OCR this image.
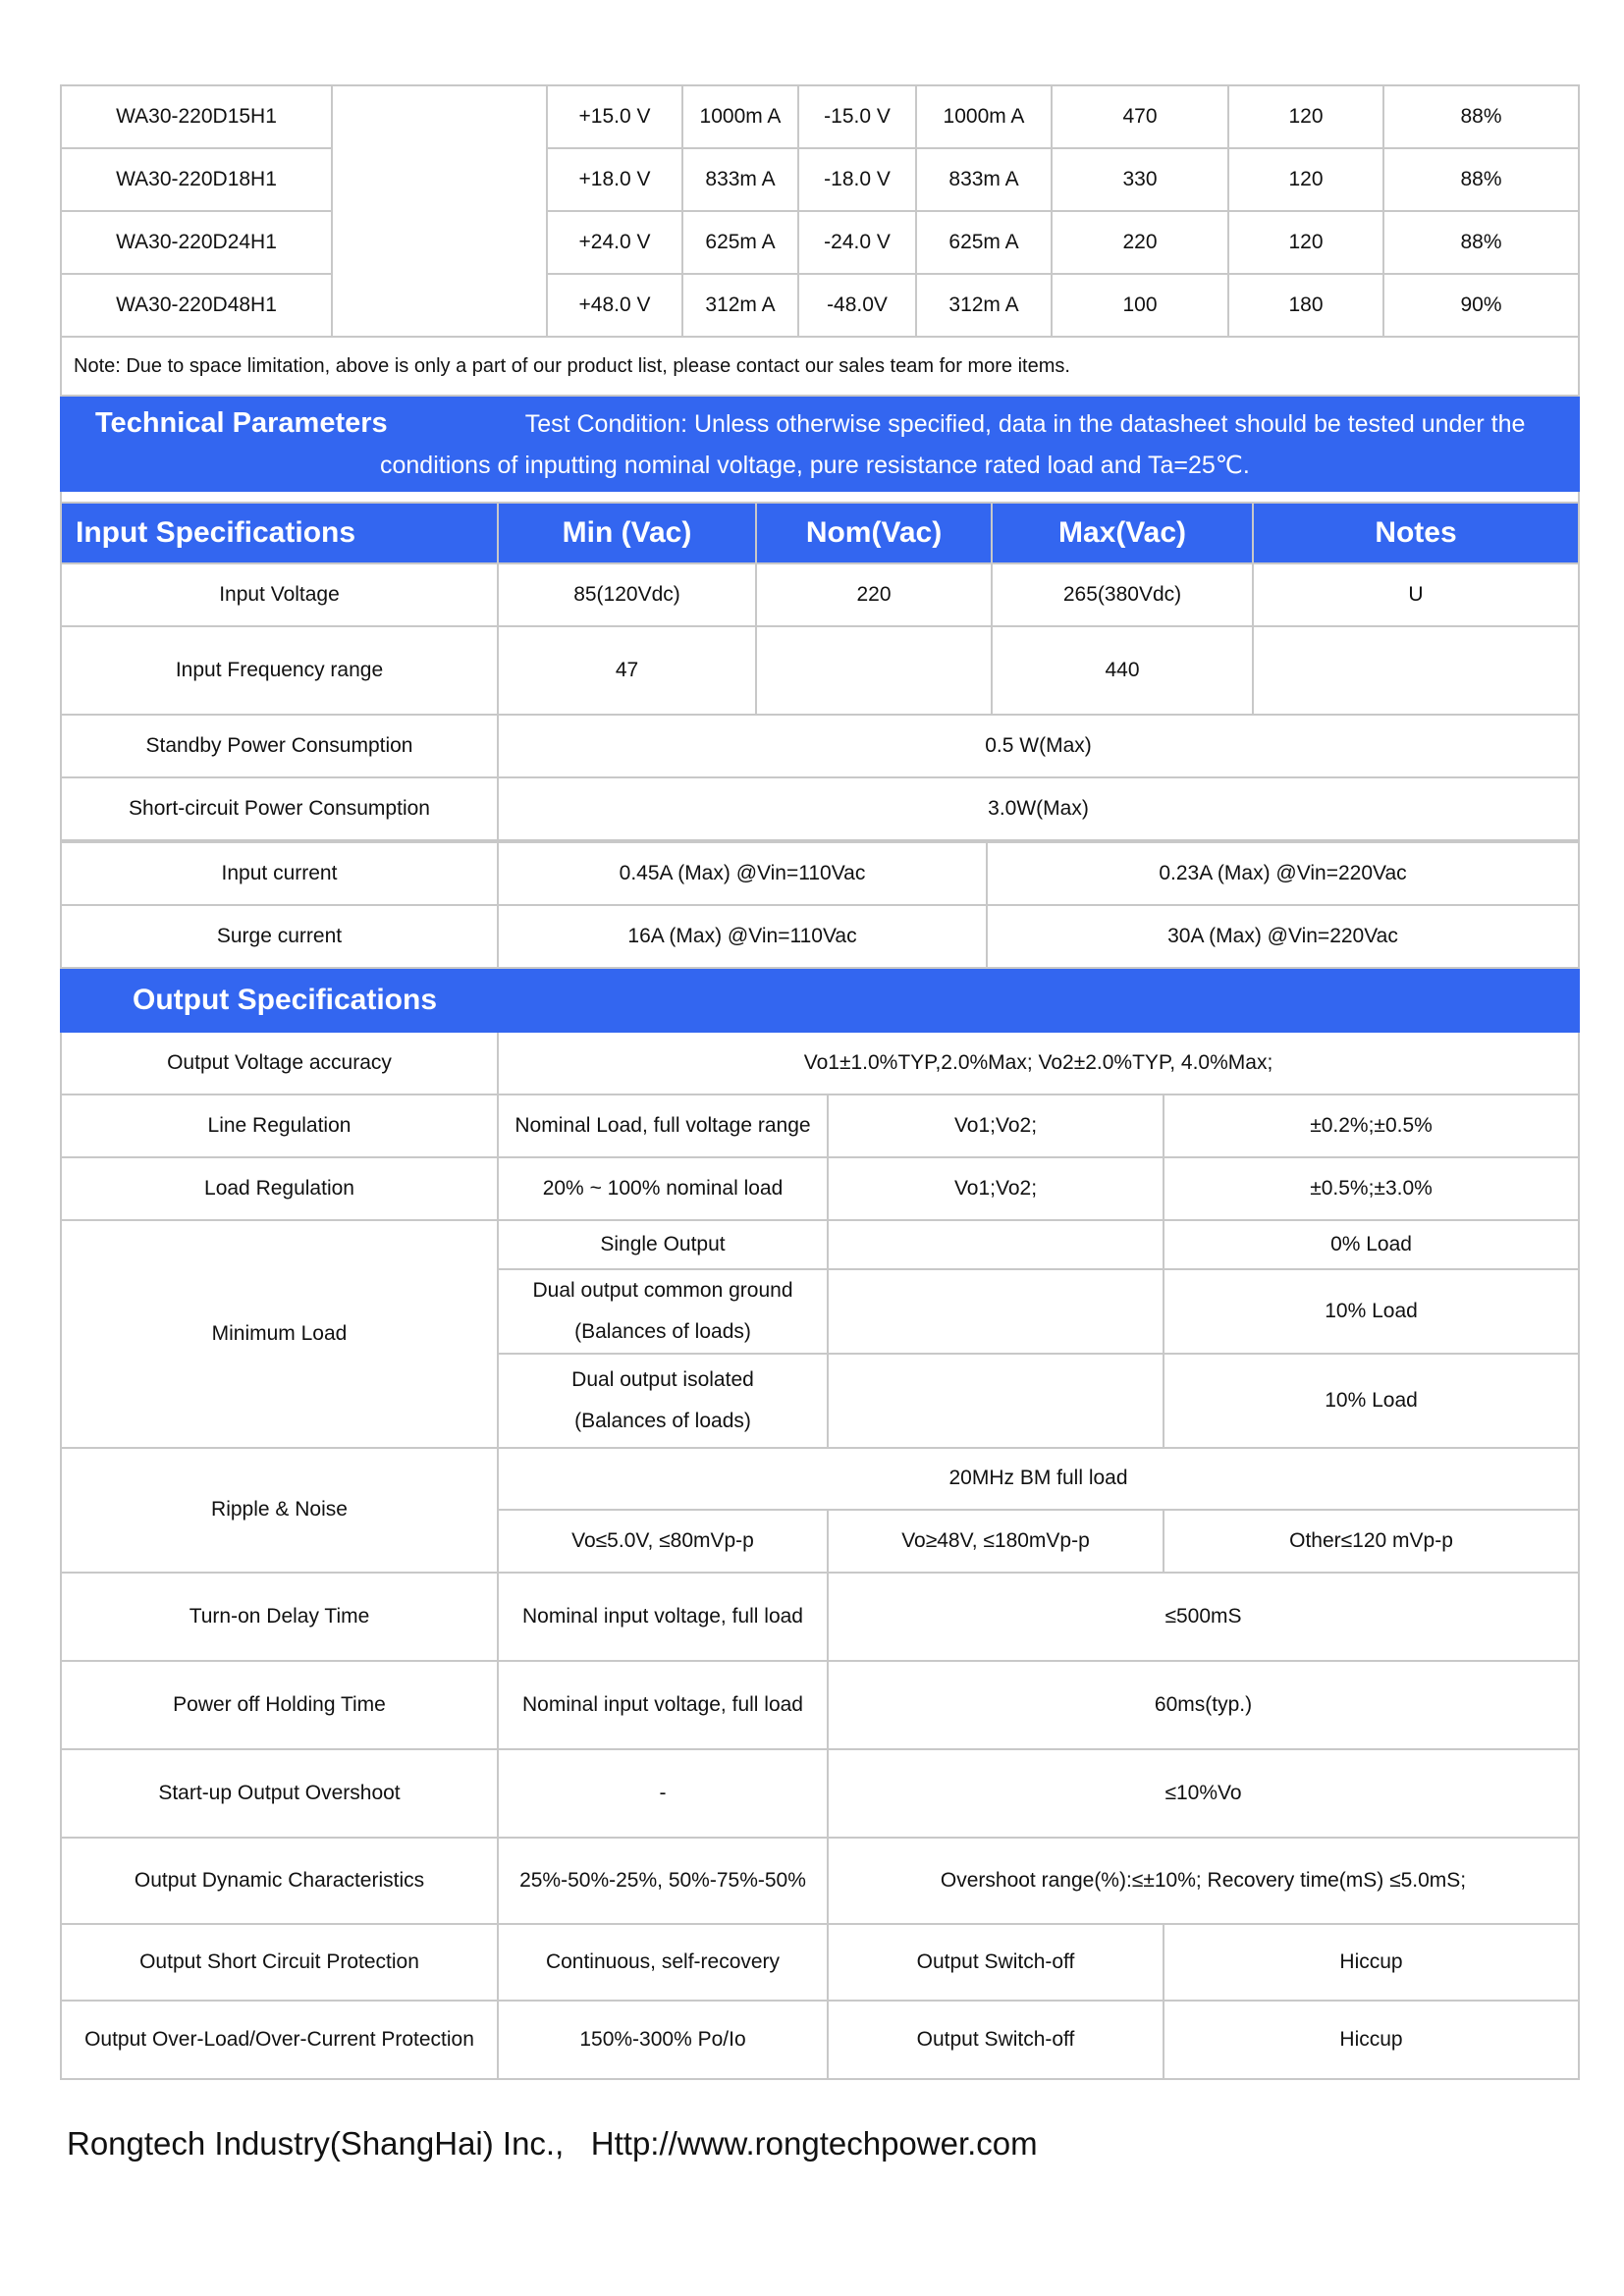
WA30-220D15H1		+15.0 V	1000m A	-15.0 V	1000m A	470	120	88%
WA30-220D18H1		+18.0 V	833m A	-18.0 V	833m A	330	120	88%
WA30-220D24H1		+24.0 V	625m A	-24.0 V	625m A	220	120	88%
WA30-220D48H1		+48.0 V	312m A	-48.0V	312m A	100	180	90%
Note: Due to space limitation, above is only a part of our product list, please contact our sales team for more items.								
Technical Parameters Test Condition: Unless otherwise specified, data in the datasheet should be tested under the
conditions of inputting nominal voltage, pure resistance rated load and Ta=25℃.								

Input Specifications	Min (Vac)	Nom(Vac)	Max(Vac)	Notes
Input Voltage	85(120Vdc)	220	265(380Vdc)	U
Input Frequency range	47		440	
Standby Power Consumption	0.5 W(Max)			
Short-circuit Power Consumption	3.0W(Max)			
Input current	0.45A (Max) @Vin=110Vac	0.23A (Max) @Vin=220Vac
Surge current	16A (Max) @Vin=110Vac	30A (Max) @Vin=220Vac
Output Specifications			
Output Voltage accuracy	Vo1±1.0%TYP,2.0%Max; Vo2±2.0%TYP, 4.0%Max;		
Line Regulation	Nominal Load, full voltage range	Vo1;Vo2;	±0.2%;±0.5%
Load Regulation	20% ~ 100% nominal load	Vo1;Vo2;	±0.5%;±3.0%
Minimum Load	Single Output		0% Load

	Dual output common ground
(Balances of loads)		10% Load

	Dual output isolated
(Balances of loads)		10% Load
Ripple & Noise	20MHz BM full load		
	Vo≤5.0V, ≤80mVp-p	Vo≥48V, ≤180mVp-p	Other≤120 mVp-p
Turn-on Delay Time	Nominal input voltage, full load	≤500mS	
Power off Holding Time	Nominal input voltage, full load	60ms(typ.)	
Start-up Output Overshoot	-	≤10%Vo	
Output Dynamic Characteristics	25%-50%-25%, 50%-75%-50%	Overshoot range(%):≤±10%; Recovery time(mS) ≤5.0mS;	
Output Short Circuit Protection	Continuous, self-recovery	Output Switch-off	Hiccup
Output Over-Load/Over-Current Protection	150%-300% Po/Io	Output Switch-off	Hiccup
Rongtech Industry(ShangHai) Inc., Http://www.rongtechpower.com
